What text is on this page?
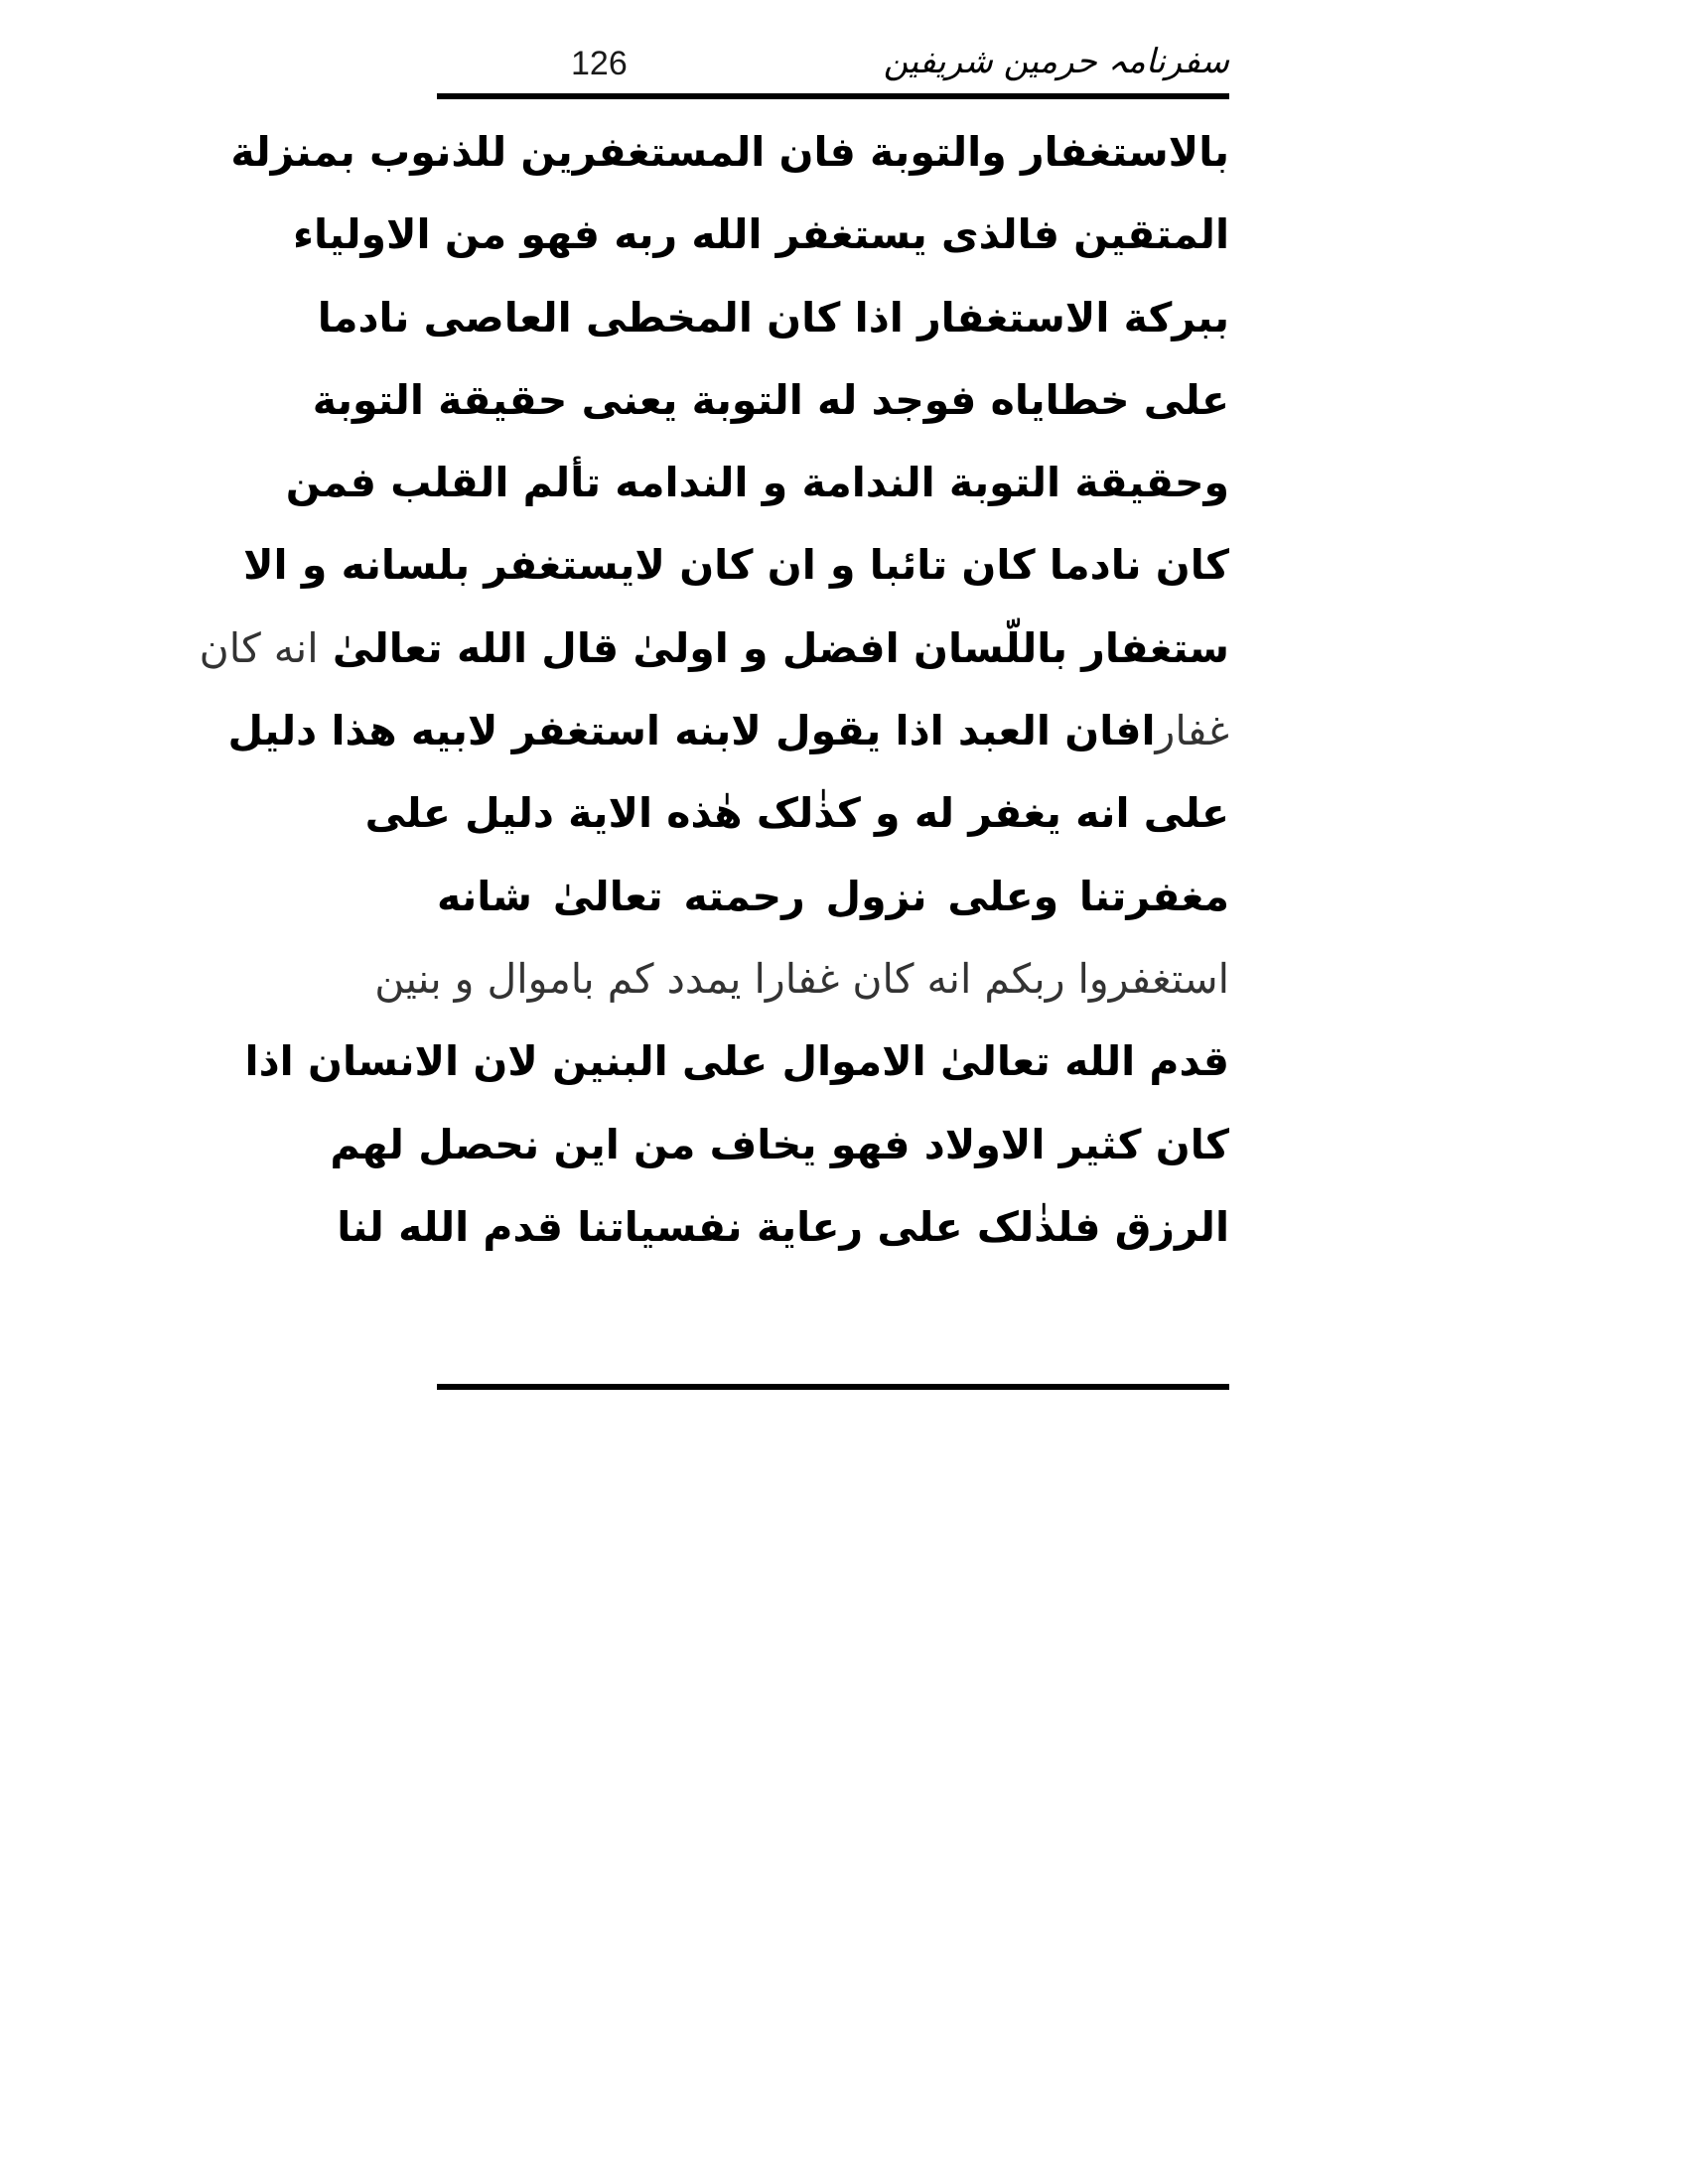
126	سفرنامہ حرمین شریفین
بالاستغفار والتوبة فان المستغفرين للذنوب بمنزلة
المتقين فالذی يستغفر الله ربه فهو من الاولياء
ببركة الاستغفار اذا كان المخطی العاصی نادما
علی خطاياه فوجد له التوبة يعنی حقيقة التوبة
وحقيقة التوبة الندامة و الندامه تألم القلب فمن
كان نادما كان تائبا و ان كان لايستغفر بلسانه و الا
ستغفار باللّسان افضل و اولیٰ قال الله تعالیٰ انه كان
غفارافان العبد اذا يقول لابنه استغفر لابيه هذا دليل
علی انه يغفر له و كذٰلک هٰذه الاية دليل علی
مغفرتنا وعلی نزول رحمته تعالیٰ شانه
استغفروا ربكم انه كان غفارا يمدد كم باموال و بنين
قدم الله تعالیٰ الاموال علی البنين لان الانسان اذا
كان كثير الاولاد فهو يخاف من اين نحصل لهم
الرزق فلذٰلک علی رعاية نفسياتنا قدم الله لنا
